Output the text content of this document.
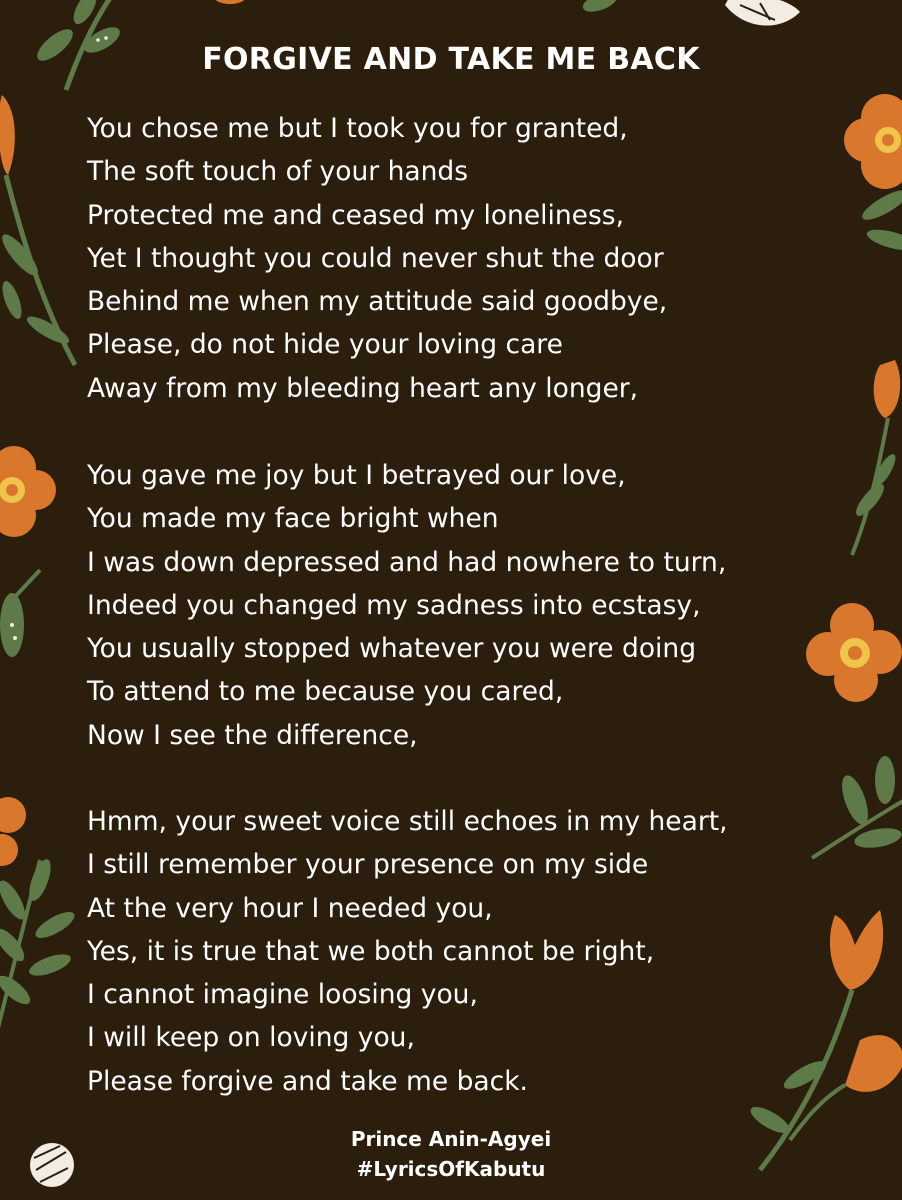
FORGIVE AND TAKE ME BACK
You chose me but I took you for granted,
The soft touch of your hands
Protected me and ceased my loneliness,
Yet I thought you could never shut the door
Behind me when my attitude said goodbye,
Please, do not hide your loving care
Away from my bleeding heart any longer,
You gave me joy but I betrayed our love,
You made my face bright when
I was down depressed and had nowhere to turn,
Indeed you changed my sadness into ecstasy,
You usually stopped whatever you were doing
To attend to me because you cared,
Now I see the difference,
Hmm, your sweet voice still echoes in my heart,
I still remember your presence on my side
At the very hour I needed you,
Yes, it is true that we both cannot be right,
I cannot imagine loosing you,
I will keep on loving you,
Please forgive and take me back.
Prince Anin-Agyei
#LyricsOfKabutu
